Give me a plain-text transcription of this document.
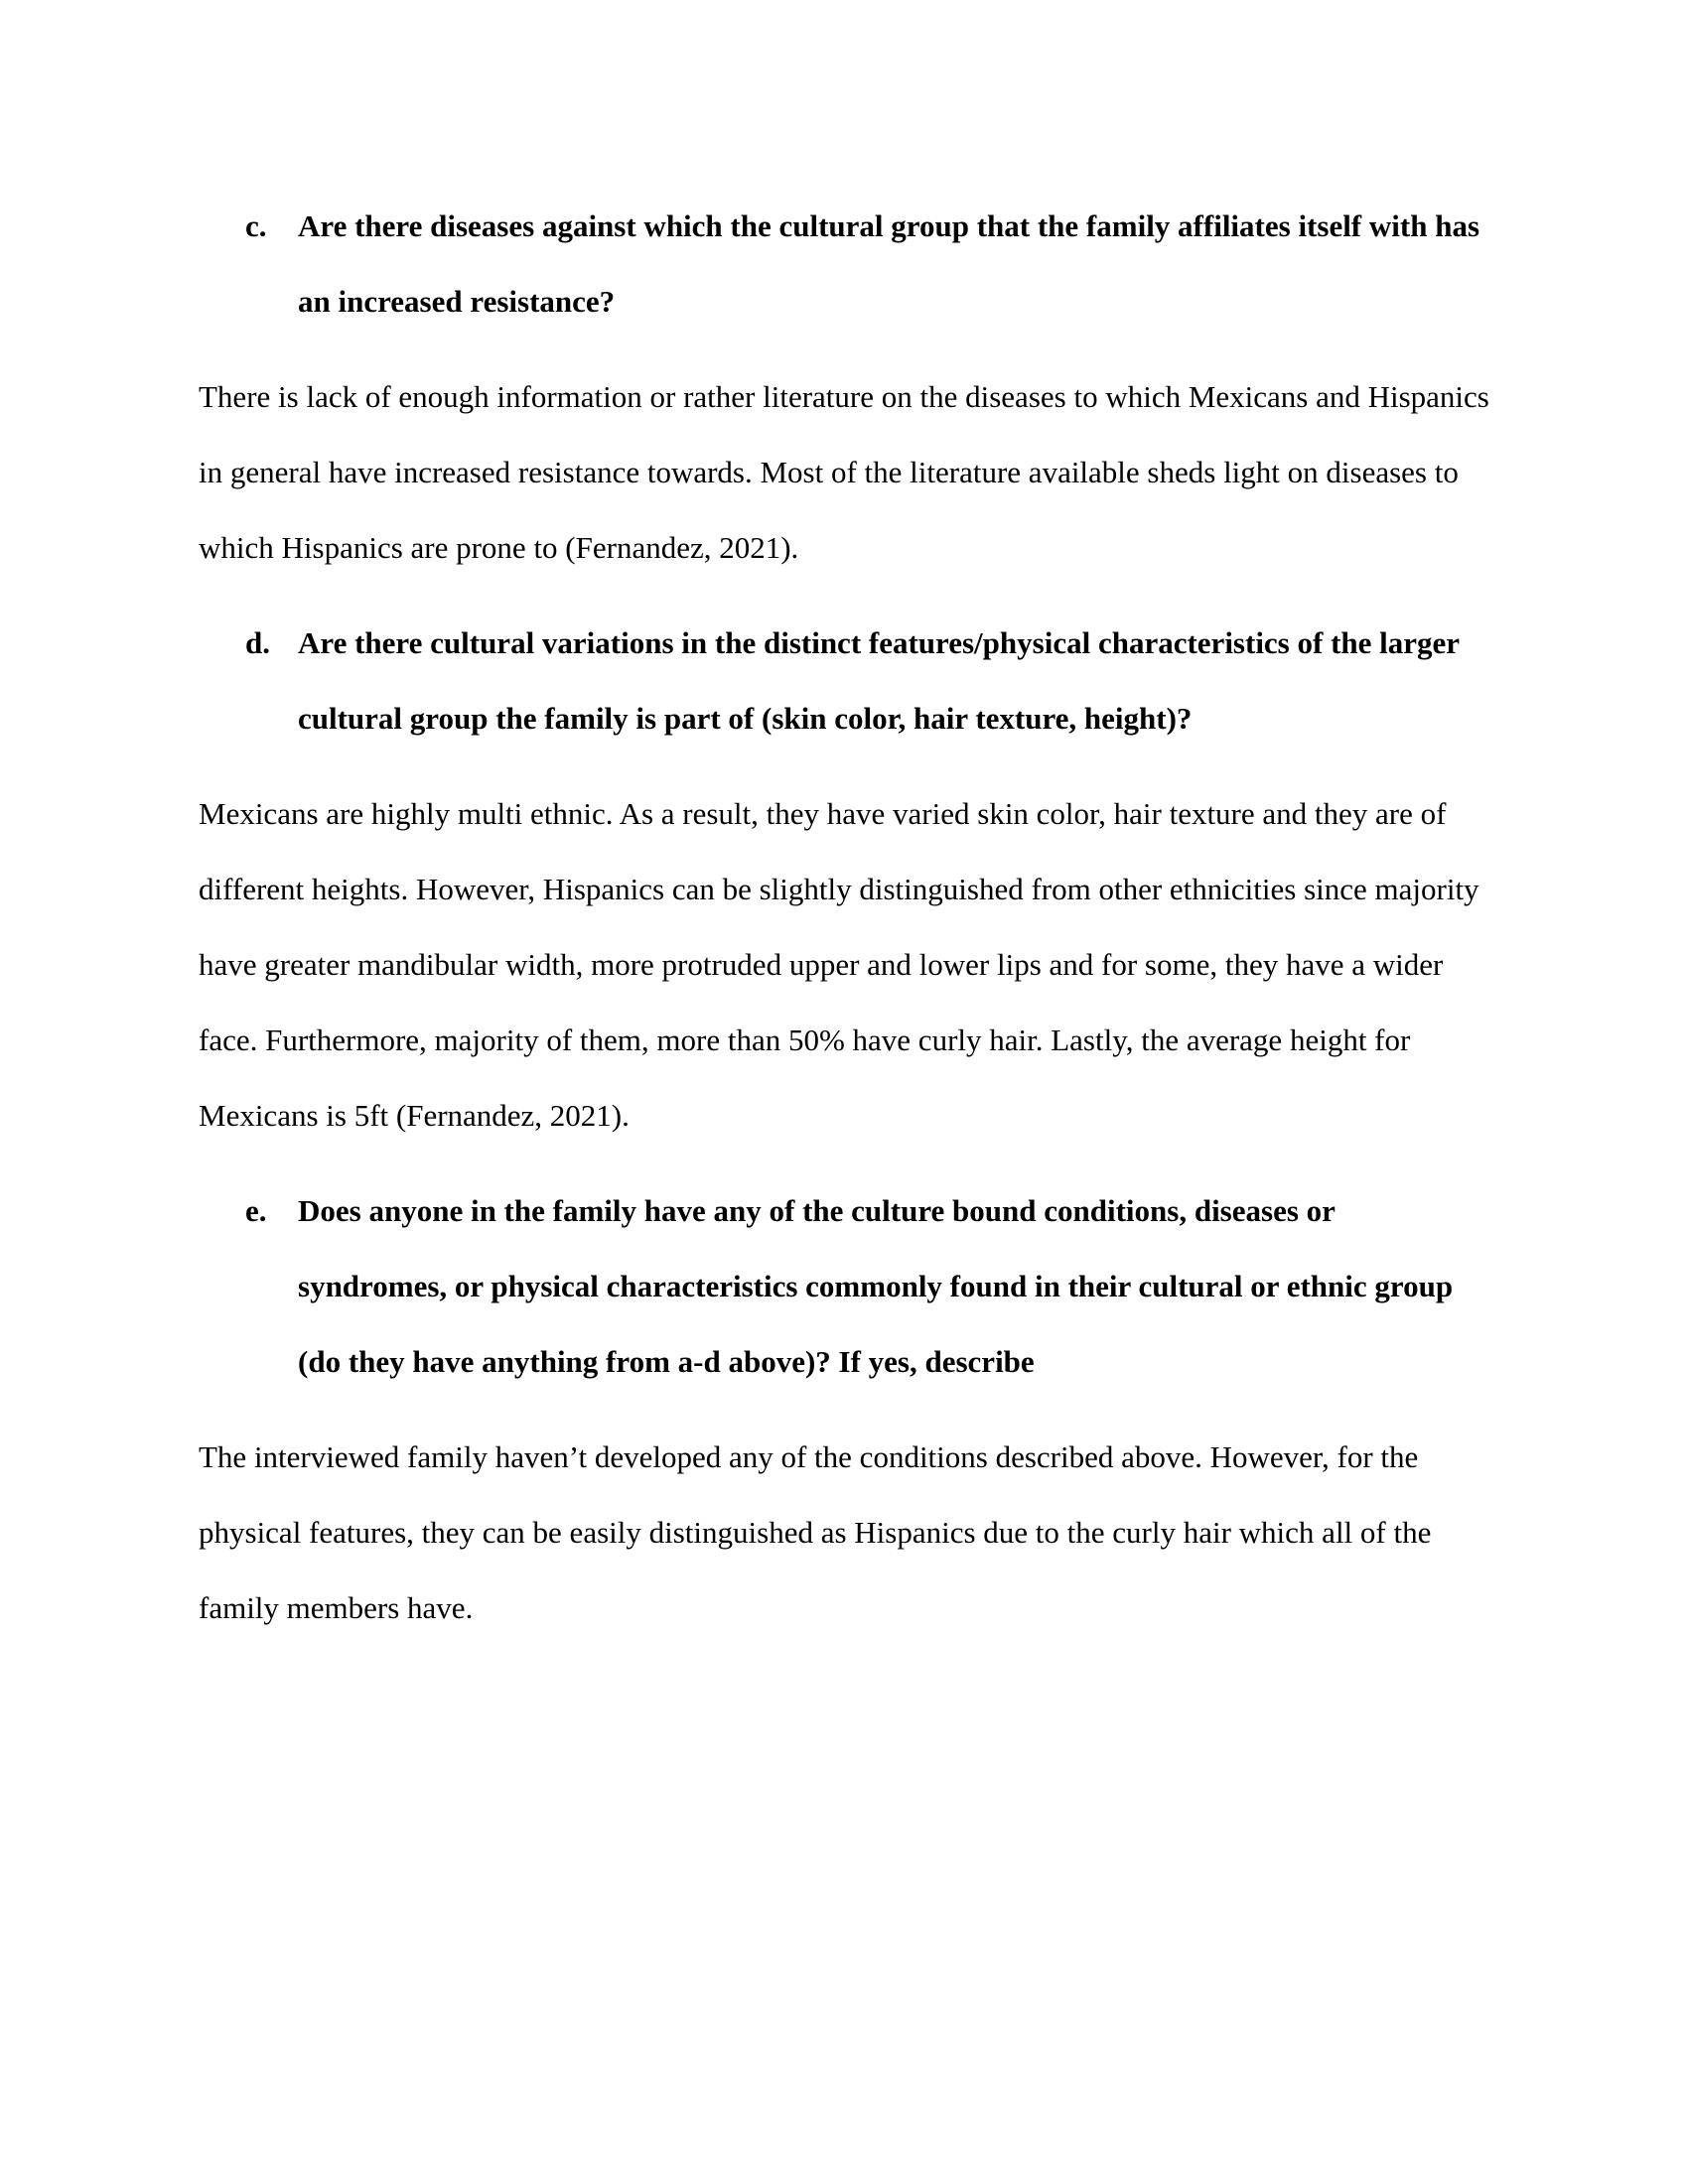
c. Are there diseases against which the cultural group that the family affiliates itself with has an increased resistance?

There is lack of enough information or rather literature on the diseases to which Mexicans and Hispanics in general have increased resistance towards. Most of the literature available sheds light on diseases to which Hispanics are prone to (Fernandez, 2021).

d. Are there cultural variations in the distinct features/physical characteristics of the larger cultural group the family is part of (skin color, hair texture, height)?

Mexicans are highly multi ethnic. As a result, they have varied skin color, hair texture and they are of different heights. However, Hispanics can be slightly distinguished from other ethnicities since majority have greater mandibular width, more protruded upper and lower lips and for some, they have a wider face. Furthermore, majority of them, more than 50% have curly hair. Lastly, the average height for Mexicans is 5ft (Fernandez, 2021).

e. Does anyone in the family have any of the culture bound conditions, diseases or syndromes, or physical characteristics commonly found in their cultural or ethnic group (do they have anything from a-d above)? If yes, describe

The interviewed family haven’t developed any of the conditions described above. However, for the physical features, they can be easily distinguished as Hispanics due to the curly hair which all of the family members have.
